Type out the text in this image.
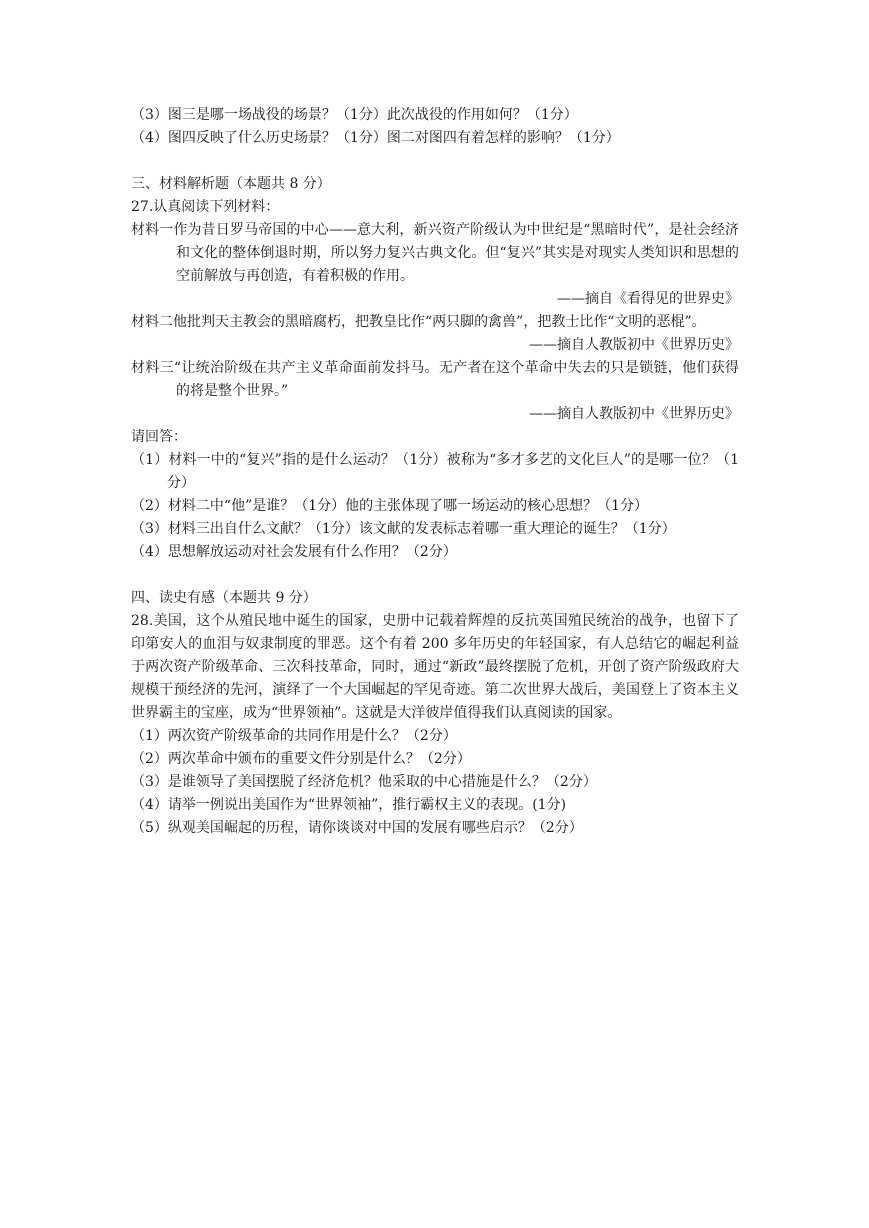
（3）图三是哪一场战役的场景？（1分）此次战役的作用如何？（1分）
（4）图四反映了什么历史场景？（1分）图二对图四有着怎样的影响？（1分）
三、材料解析题（本题共 8 分）
27.认真阅读下列材料：
材料一作为昔日罗马帝国的中心——意大利，新兴资产阶级认为中世纪是“黑暗时代”，是社会经济和文化的整体倒退时期，所以努力复兴古典文化。但“复兴”其实是对现实人类知识和思想的空前解放与再创造，有着积极的作用。
——摘自《看得见的世界史》
材料二他批判天主教会的黑暗腐朽，把教皇比作“两只脚的禽兽”，把教士比作“文明的恶棍”。
——摘自人教版初中《世界历史》
材料三“让统治阶级在共产主义革命面前发抖马。无产者在这个革命中失去的只是锁链，他们获得的将是整个世界。”
——摘自人教版初中《世界历史》
请回答：
（1）材料一中的“复兴”指的是什么运动？（1分）被称为“多才多艺的文化巨人”的是哪一位？（1分）
（2）材料二中“他”是谁？（1分）他的主张体现了哪一场运动的核心思想？（1分）
（3）材料三出自什么文献？（1分）该文献的发表标志着哪一重大理论的诞生？（1分）
（4）思想解放运动对社会发展有什么作用？（2分）
四、读史有感（本题共 9 分）
28.美国，这个从殖民地中诞生的国家，史册中记载着辉煌的反抗英国殖民统治的战争，也留下了印第安人的血泪与奴隶制度的罪恶。这个有着 200 多年历史的年轻国家，有人总结它的崛起利益于两次资产阶级革命、三次科技革命，同时，通过“新政”最终摆脱了危机，开创了资产阶级政府大规模干预经济的先河，演绎了一个大国崛起的罕见奇迹。第二次世界大战后，美国登上了资本主义世界霸主的宝座，成为“世界领袖”。这就是大洋彼岸值得我们认真阅读的国家。
（1）两次资产阶级革命的共同作用是什么？（2分）
（2）两次革命中颁布的重要文件分别是什么？（2分）
（3）是谁领导了美国摆脱了经济危机？他采取的中心措施是什么？（2分）
（4）请举一例说出美国作为“世界领袖”，推行霸权主义的表现。(1分)
（5）纵观美国崛起的历程，请你谈谈对中国的发展有哪些启示？（2分）
